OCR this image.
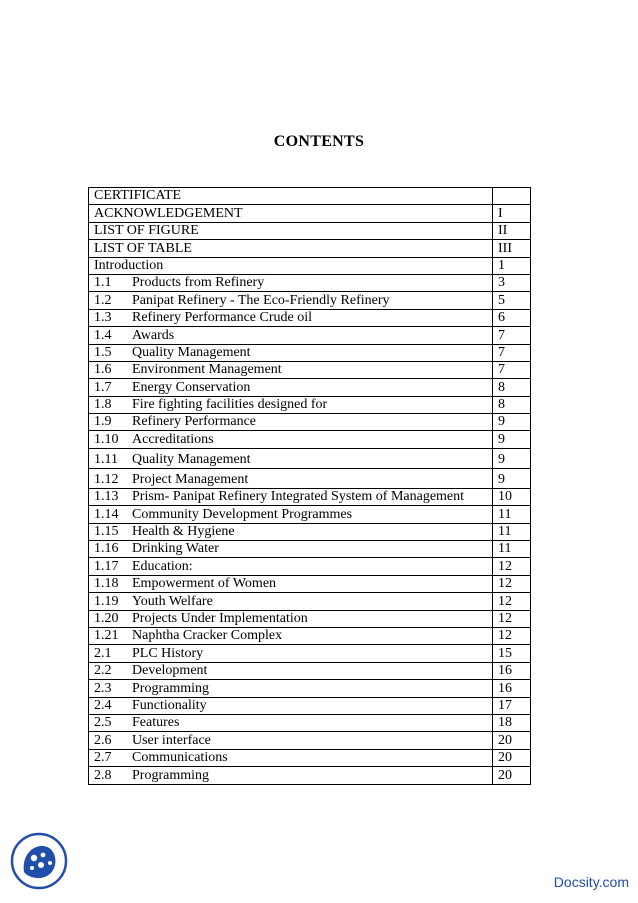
CONTENTS
CERTIFICATE	
ACKNOWLEDGEMENT	I
LIST OF FIGURE	II
LIST OF TABLE	III
Introduction	1
1.1 Products from Refinery	3
1.2 Panipat Refinery - The Eco-Friendly Refinery	5
1.3 Refinery Performance Crude oil	6
1.4 Awards	7
1.5 Quality Management	7
1.6 Environment Management	7
1.7 Energy Conservation	8
1.8 Fire fighting facilities designed for	8
1.9 Refinery Performance	9
1.10 Accreditations	9
1.11 Quality Management	9
1.12 Project Management	9
1.13 Prism- Panipat Refinery Integrated System of Management	10
1.14 Community Development Programmes	11
1.15 Health & Hygiene	11
1.16 Drinking Water	11
1.17 Education:	12
1.18 Empowerment of Women	12
1.19 Youth Welfare	12
1.20 Projects Under Implementation	12
1.21 Naphtha Cracker Complex	12
2.1 PLC History	15
2.2 Development	16
2.3 Programming	16
2.4 Functionality	17
2.5 Features	18
2.6 User interface	20
2.7 Communications	20
2.8 Programming	20
Docsity.com
